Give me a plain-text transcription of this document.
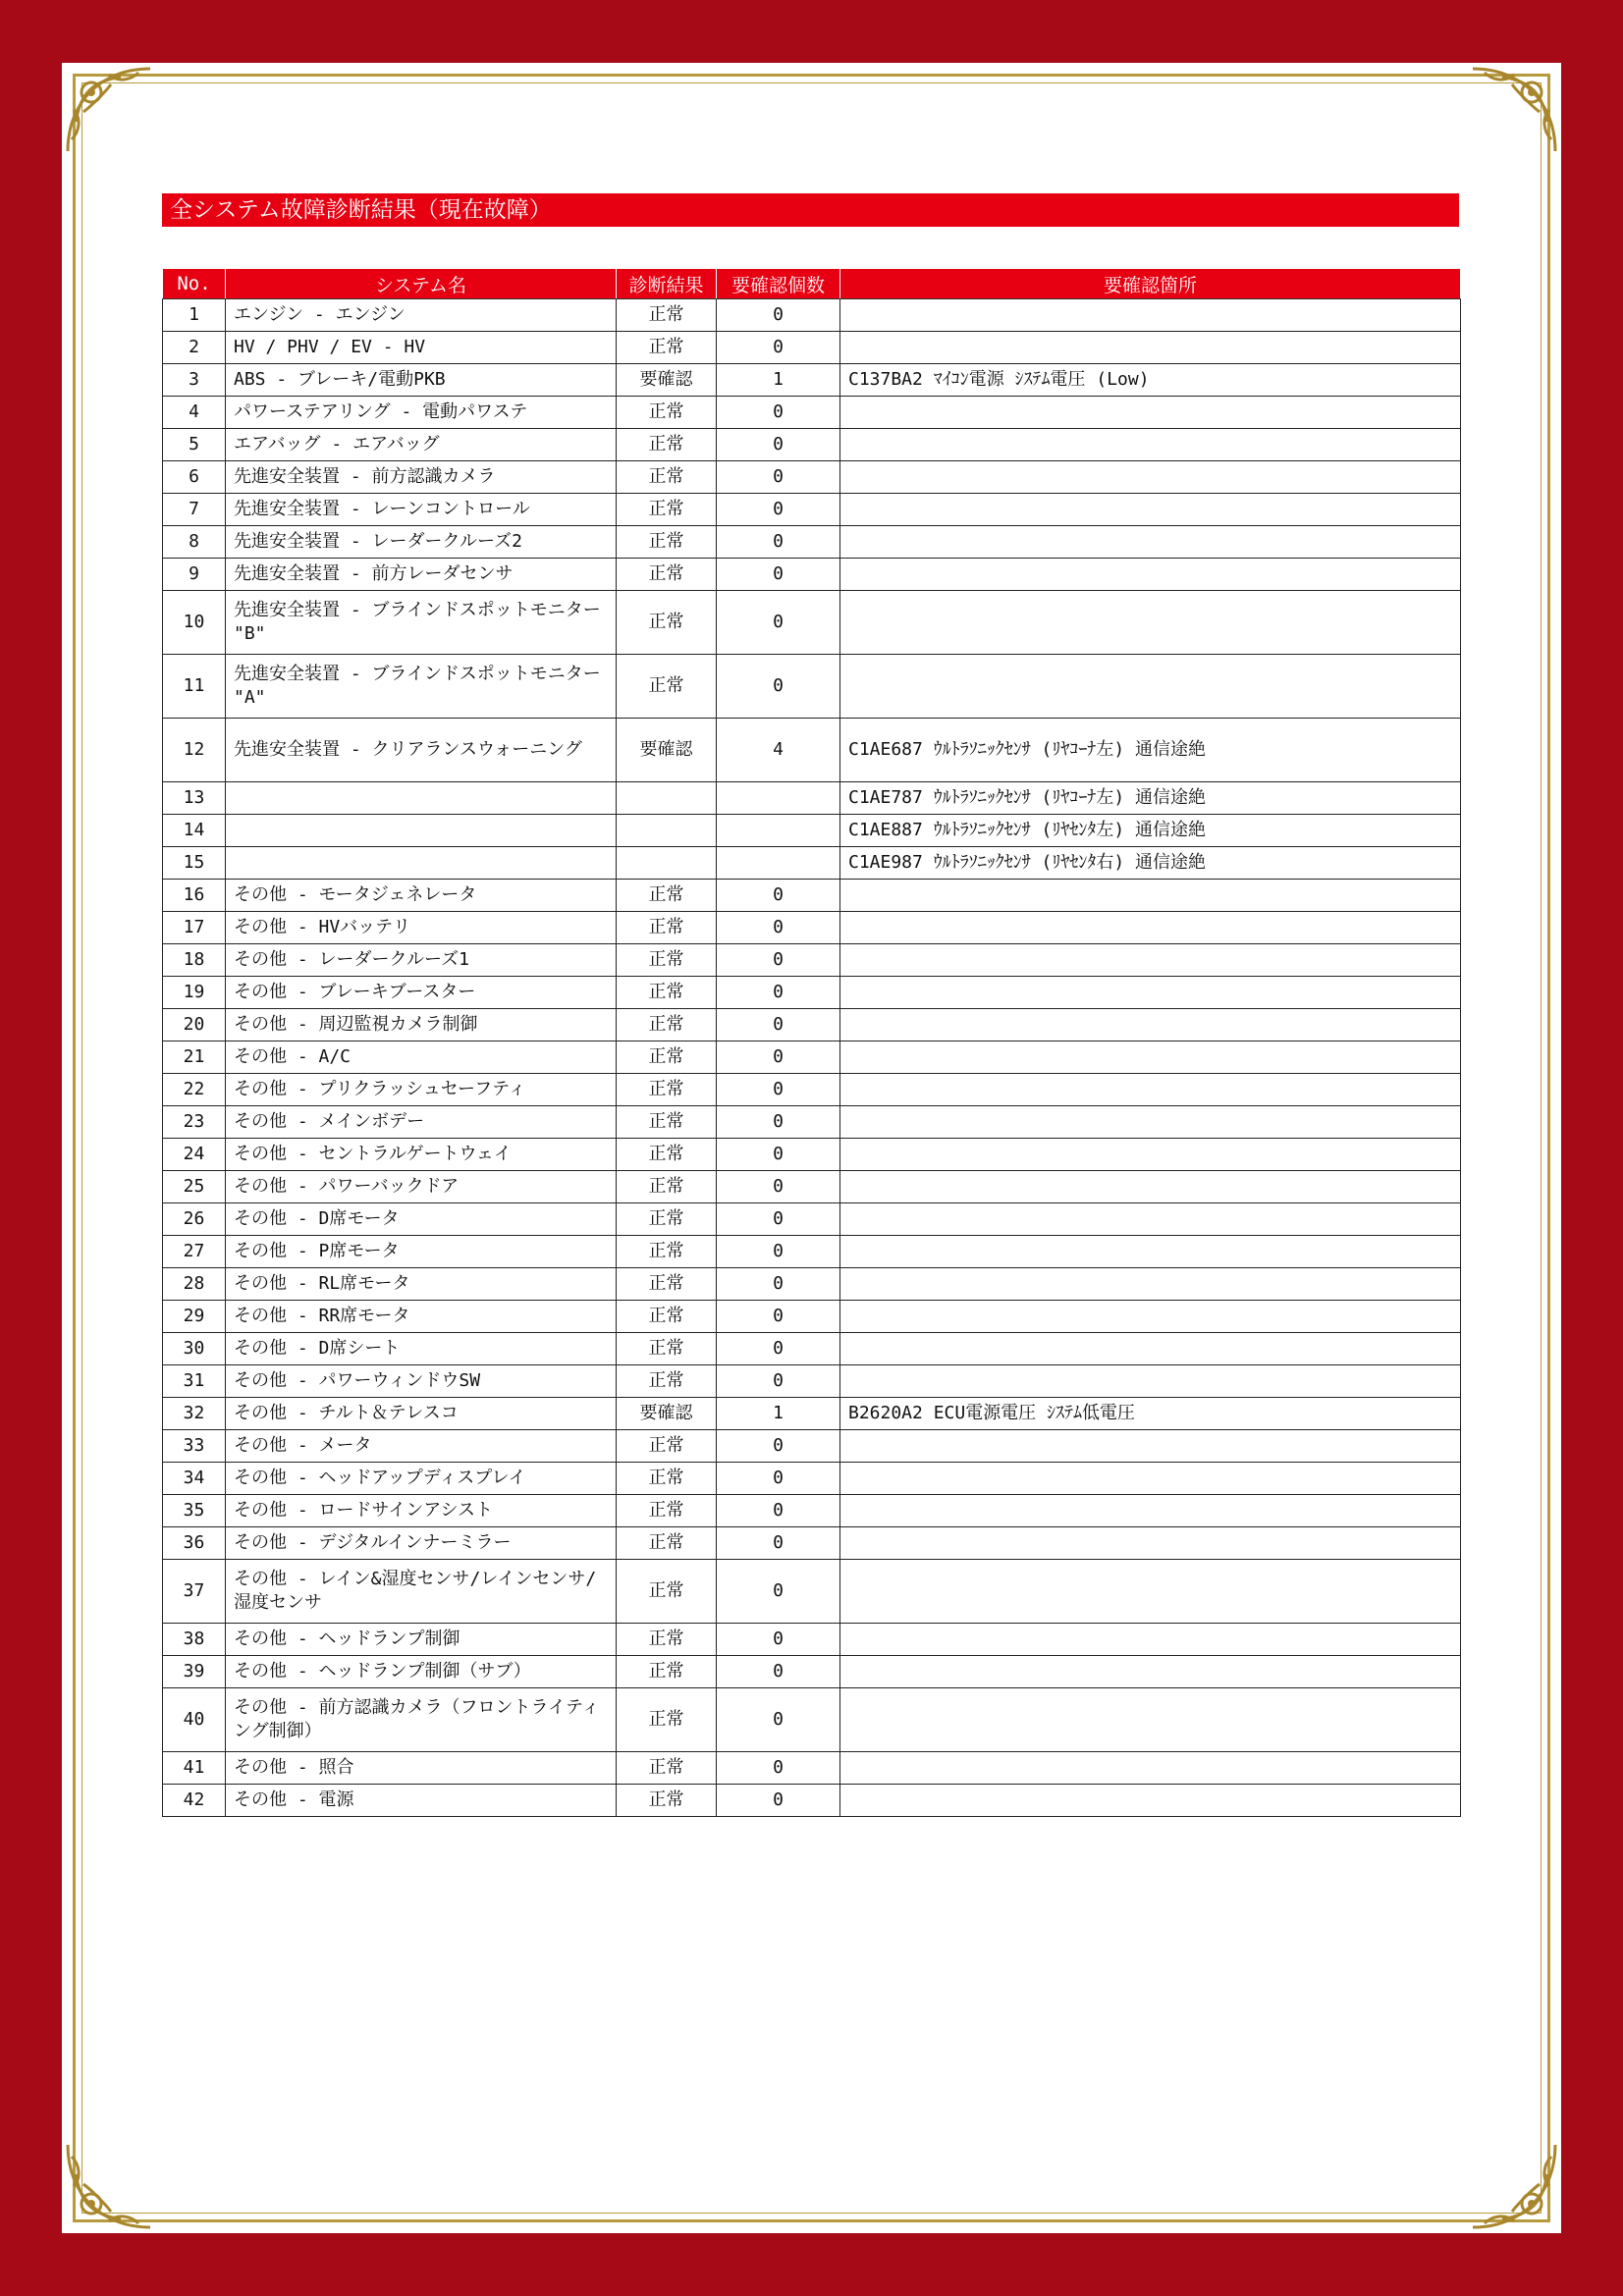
全システム故障診断結果（現在故障）
No.	システム名	診断結果	要確認個数	要確認箇所
1	エンジン - エンジン	正常	0	
2	HV / PHV / EV - HV	正常	0	
3	ABS - ブレーキ/電動PKB	要確認	1	C137BA2 ﾏｲｺﾝ電源 ｼｽﾃﾑ電圧 (Low)
4	パワーステアリング - 電動パワステ	正常	0	
5	エアバッグ - エアバッグ	正常	0	
6	先進安全装置 - 前方認識カメラ	正常	0	
7	先進安全装置 - レーンコントロール	正常	0	
8	先進安全装置 - レーダークルーズ2	正常	0	
9	先進安全装置 - 前方レーダセンサ	正常	0	
10	先進安全装置 - ブラインドスポットモニター "B"	正常	0	
11	先進安全装置 - ブラインドスポットモニター "A"	正常	0	
12	先進安全装置 - クリアランスウォーニング	要確認	4	C1AE687 ｳﾙﾄﾗｿﾆｯｸｾﾝｻ (ﾘﾔｺｰﾅ左) 通信途絶
13				C1AE787 ｳﾙﾄﾗｿﾆｯｸｾﾝｻ (ﾘﾔｺｰﾅ左) 通信途絶
14				C1AE887 ｳﾙﾄﾗｿﾆｯｸｾﾝｻ (ﾘﾔｾﾝﾀ左) 通信途絶
15				C1AE987 ｳﾙﾄﾗｿﾆｯｸｾﾝｻ (ﾘﾔｾﾝﾀ右) 通信途絶
16	その他 - モータジェネレータ	正常	0	
17	その他 - HVバッテリ	正常	0	
18	その他 - レーダークルーズ1	正常	0	
19	その他 - ブレーキブースター	正常	0	
20	その他 - 周辺監視カメラ制御	正常	0	
21	その他 - A/C	正常	0	
22	その他 - プリクラッシュセーフティ	正常	0	
23	その他 - メインボデー	正常	0	
24	その他 - セントラルゲートウェイ	正常	0	
25	その他 - パワーバックドア	正常	0	
26	その他 - D席モータ	正常	0	
27	その他 - P席モータ	正常	0	
28	その他 - RL席モータ	正常	0	
29	その他 - RR席モータ	正常	0	
30	その他 - D席シート	正常	0	
31	その他 - パワーウィンドウSW	正常	0	
32	その他 - チルト＆テレスコ	要確認	1	B2620A2 ECU電源電圧 ｼｽﾃﾑ低電圧
33	その他 - メータ	正常	0	
34	その他 - ヘッドアップディスプレイ	正常	0	
35	その他 - ロードサインアシスト	正常	0	
36	その他 - デジタルインナーミラー	正常	0	
37	その他 - レイン&湿度センサ/レインセンサ/湿度センサ	正常	0	
38	その他 - ヘッドランプ制御	正常	0	
39	その他 - ヘッドランプ制御（サブ）	正常	0	
40	その他 - 前方認識カメラ（フロントライティング制御）	正常	0	
41	その他 - 照合	正常	0	
42	その他 - 電源	正常	0	
